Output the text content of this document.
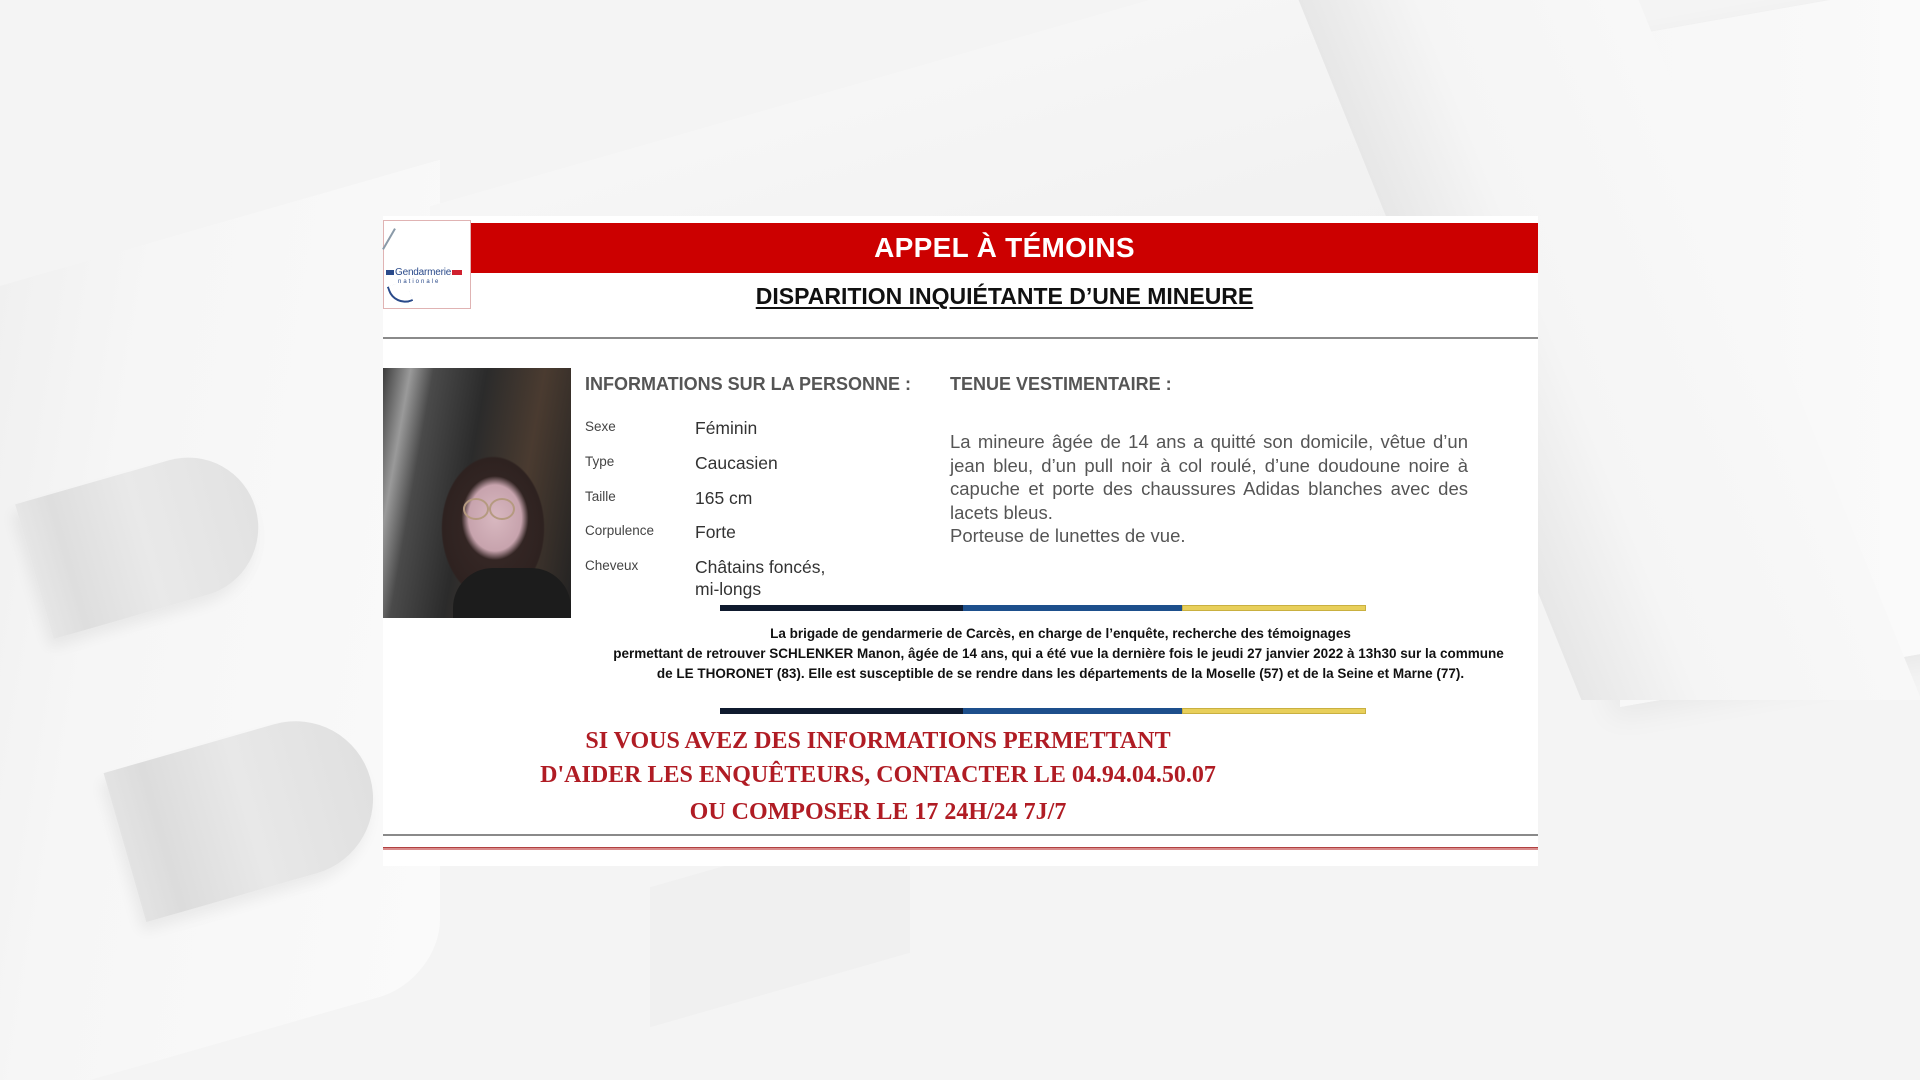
Gendarmerie
nationale
APPEL À TÉMOINS
DISPARITION INQUIÉTANTE D’UNE MINEURE
INFORMATIONS SUR LA PERSONNE :
Sexe	Féminin
Type	Caucasien
Taille	165 cm
Corpulence Forte
Cheveux	Châtains foncés,
mi-longs
TENUE VESTIMENTAIRE :

La mineure âgée de 14 ans a quitté son domicile, vêtue d’un jean bleu, d’un pull noir à col roulé, d’une doudoune noire à capuche et porte des chaussures Adidas blanches avec des lacets bleus.

Porteuse de lunettes de vue.

La brigade de gendarmerie de Carcès, en charge de l’enquête, recherche des témoignages
permettant de retrouver SCHLENKER Manon, âgée de 14 ans, qui a été vue la dernière fois le jeudi 27 janvier 2022 à 13h30 sur la commune
de LE THORONET (83). Elle est susceptible de se rendre dans les départements de la Moselle (57) et de la Seine et Marne (77).
SI VOUS AVEZ DES INFORMATIONS PERMETTANT
D'AIDER LES ENQUÊTEURS, CONTACTER LE 04.94.04.50.07
OU COMPOSER LE 17 24H/24 7J/7
